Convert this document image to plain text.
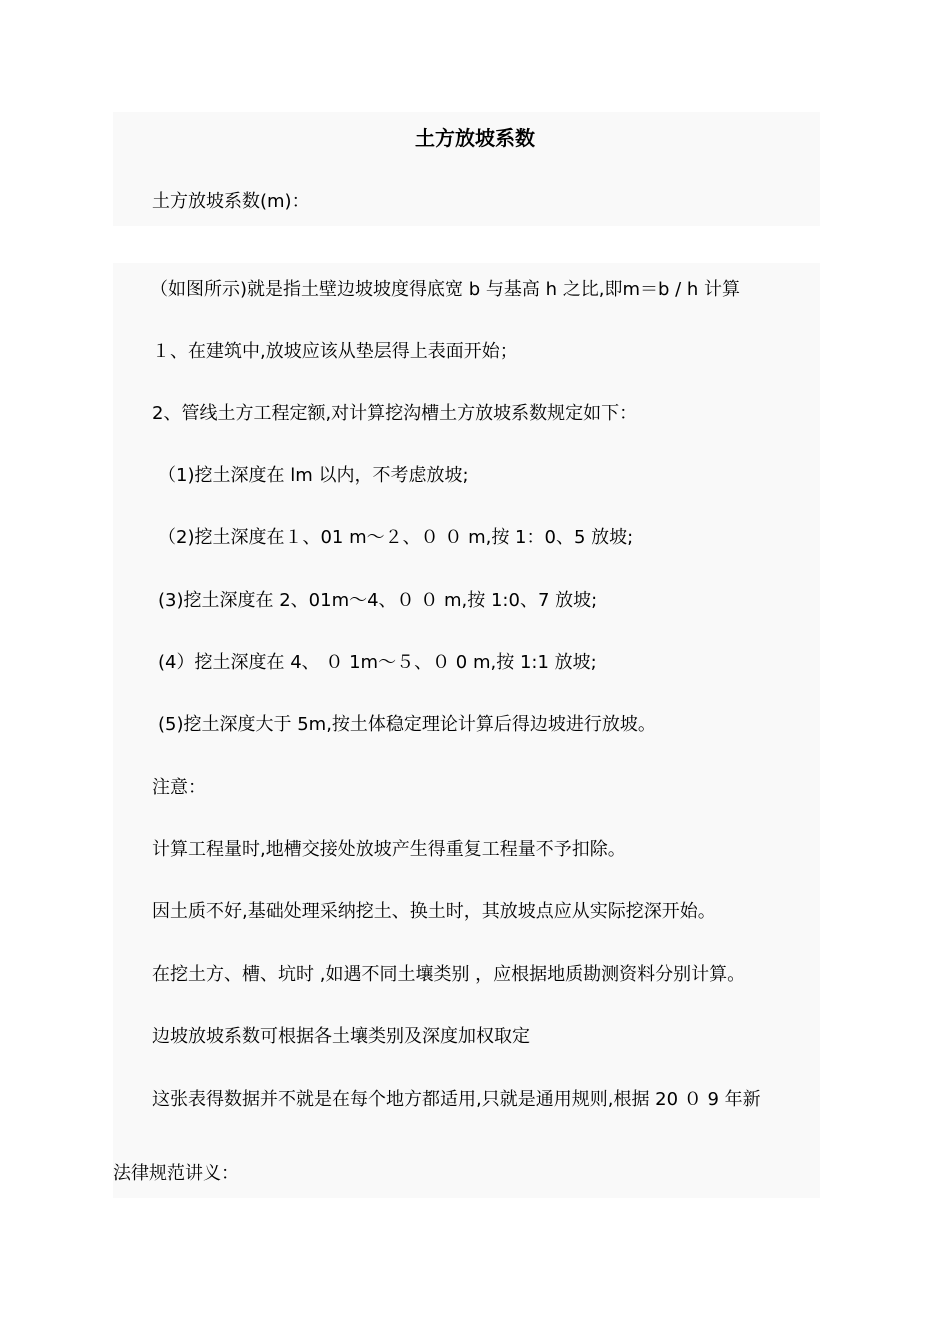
土方放坡系数
土方放坡系数(m)：
（如图所示)就是指土壁边坡坡度得底宽 b 与基高 h 之比,即m＝b / h 计算
１、在建筑中,放坡应该从垫层得上表面开始；
2、管线土方工程定额,对计算挖沟槽土方放坡系数规定如下：
（1)挖土深度在 lm 以内，不考虑放坡;
（2)挖土深度在１、01 m～２、０ ０ m,按 1：0、5 放坡;
(3)挖土深度在 2、01m～4、０ ０ m,按 1:0、7 放坡;
(4）挖土深度在 4、 ０ 1m～５、０ 0 m,按 1:1 放坡;
(5)挖土深度大于 5m,按土体稳定理论计算后得边坡进行放坡。
注意：
计算工程量时,地槽交接处放坡产生得重复工程量不予扣除。
因土质不好,基础处理采纳挖土、换土时，其放坡点应从实际挖深开始。
在挖土方、槽、坑时 ,如遇不同土壤类别 ，应根据地质勘测资料分别计算。
边坡放坡系数可根据各土壤类别及深度加权取定
这张表得数据并不就是在每个地方都适用,只就是通用规则,根据 20 ０ 9 年新
法律规范讲义：
